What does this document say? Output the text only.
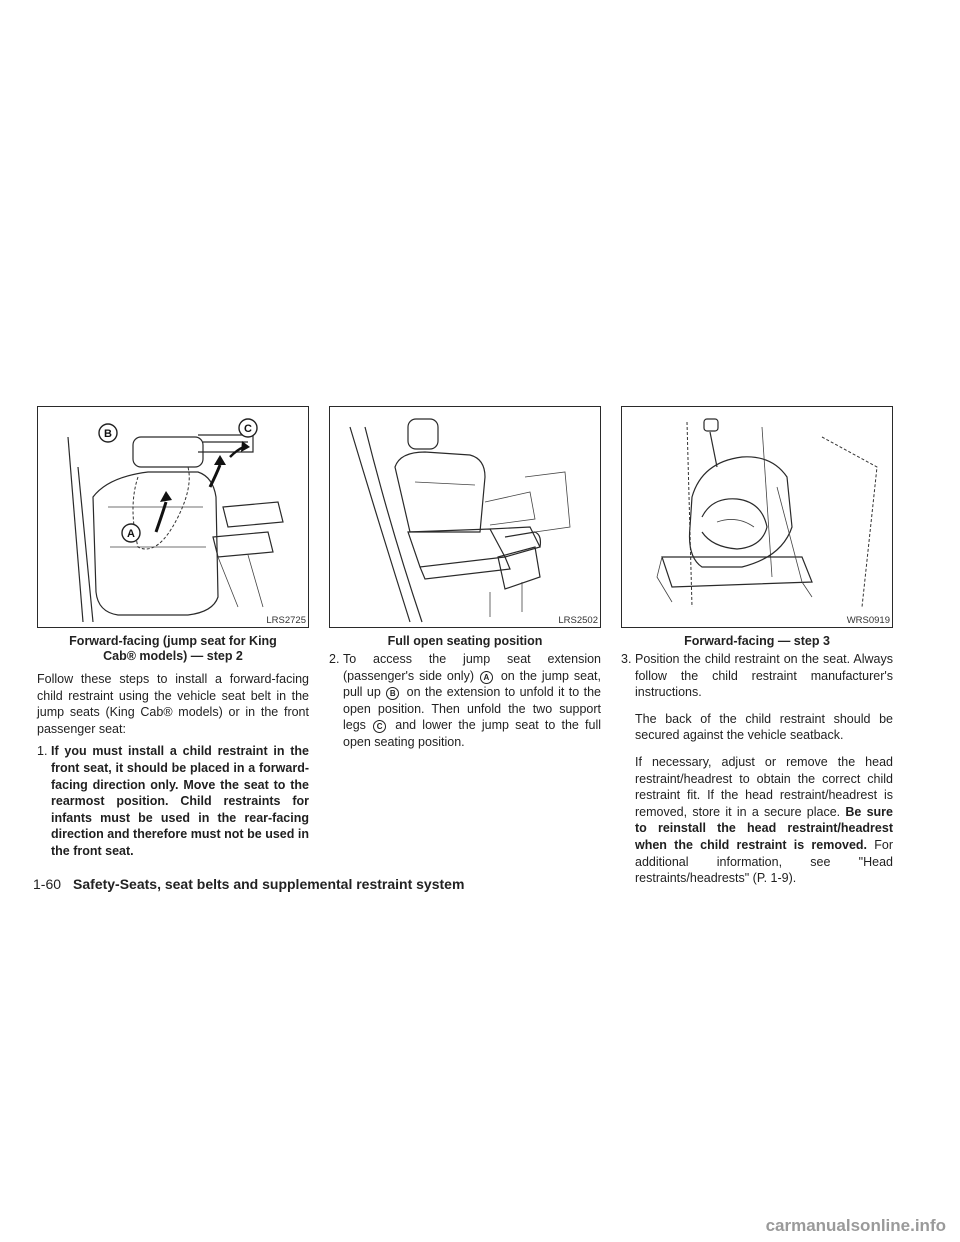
B	C
A
LRS2725
Forward-facing (jump seat for King
Cab® models) — step 2

Follow these steps to install a forward-facing child restraint using the vehicle seat belt in the jump seats (King Cab® models) or in the front passenger seat:

1. If you must install a child restraint in the front seat, it should be placed in a forward-facing direction only. Move the seat to the rearmost position. Child restraints for infants must be used in the rear-facing direction and therefore must not be used in the front seat.
LRS2502
Full open seating position
2. To access the jump seat extension (passenger's side only) A on the jump seat, pull up B on the extension to unfold it to the open position. Then unfold the two support legs C and lower the jump seat to the full open seating position.
WRS0919
Forward-facing — step 3
3. Position the child restraint on the seat. Always follow the child restraint manufacturer's instructions.
The back of the child restraint should be secured against the vehicle seatback.
If necessary, adjust or remove the head restraint/headrest to obtain the correct child restraint fit. If the head restraint/headrest is removed, store it in a secure place. Be sure to reinstall the head restraint/headrest when the child restraint is removed. For additional information, see "Head restraints/headrests" (P. 1-9).
1-60 Safety-Seats, seat belts and supplemental restraint system
carmanualsonline.info
